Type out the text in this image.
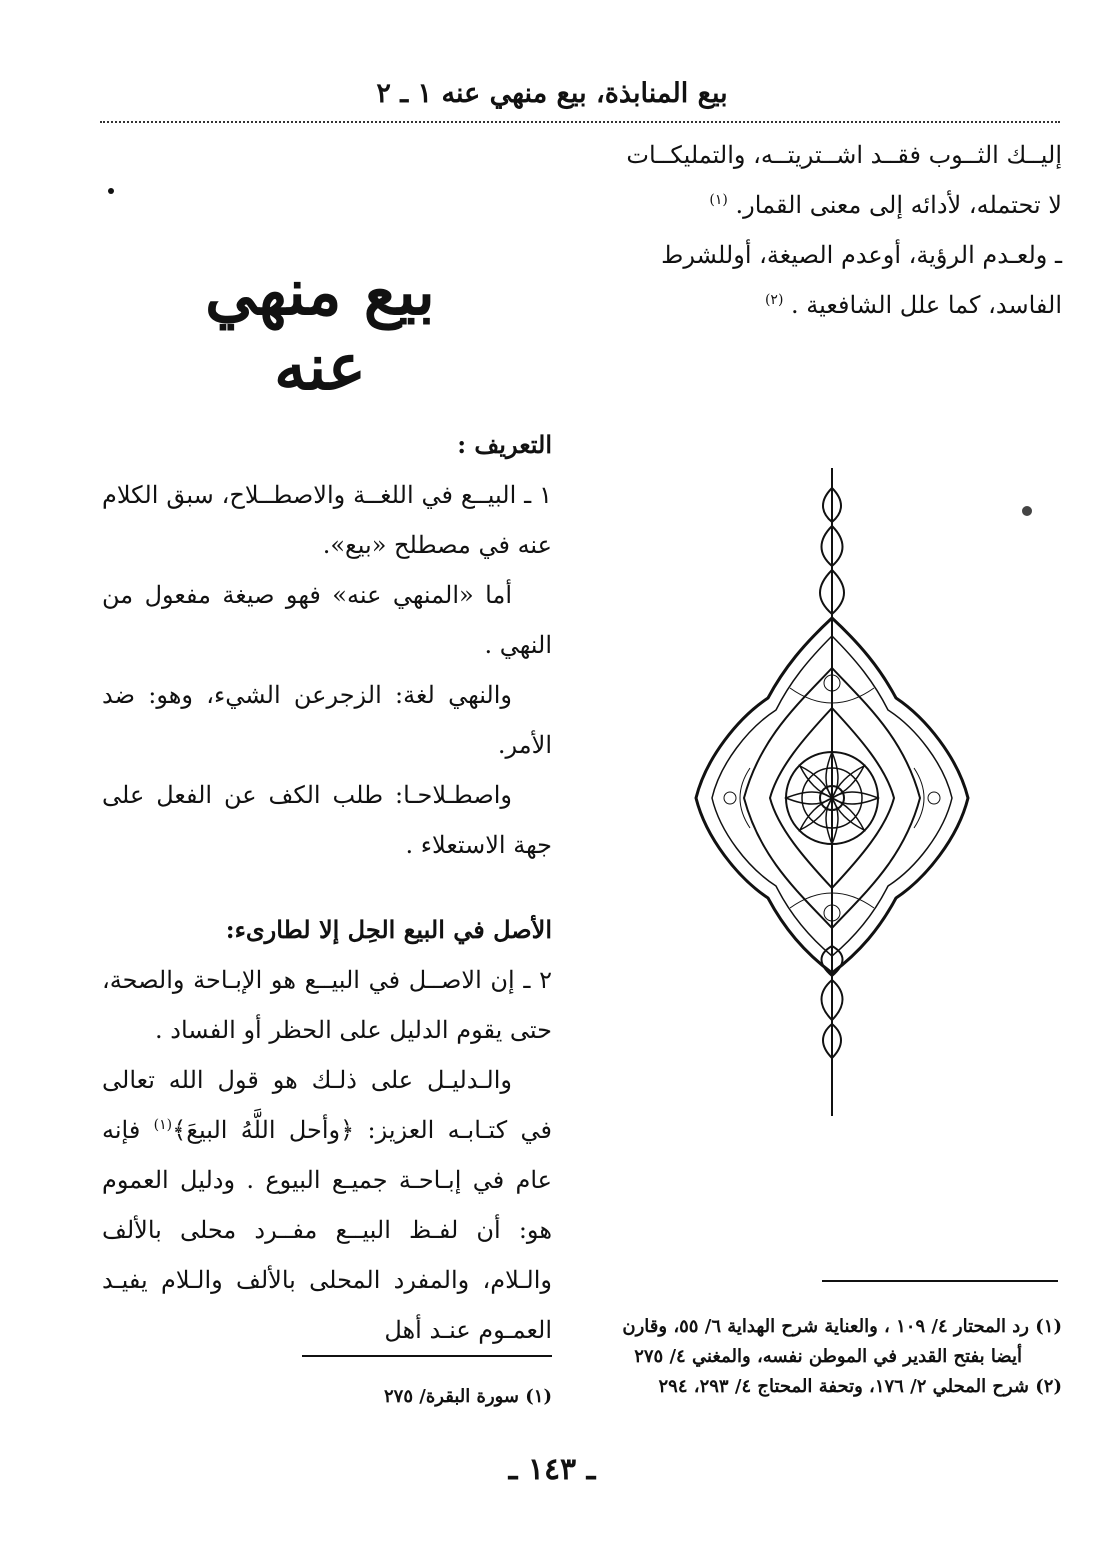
بيع المنابذة، بيع منهي عنه ١ ـ ٢

إليــك الثــوب فقــد اشــتريتــه، والتمليكــات

لا تحتمله، لأدائه إلى معنى القمار. $^{(١)}$

ـ ولعـدم الرؤية، أوعدم الصيغة، أوللشرط

الفاسد، كما علل الشافعية . $^{(٢)}$

بيع منهي عنه

التعريف :

١ ـ البيــع في اللغــة والاصطــلاح، سبق الكلام عنه في مصطلح «بيع».

أما «المنهي عنه» فهو صيغة مفعول من النهي .

والنهي لغة: الزجرعن الشيء، وهو: ضد الأمر.

واصطـلاحـا: طلب الكف عن الفعل على جهة الاستعلاء .

الأصل في البيع الحِل إلا لطارىء:

٢ ـ إن الاصــل في البيــع هو الإبـاحة والصحة، حتى يقوم الدليل على الحظر أو الفساد .

والـدليـل على ذلـك هو قول الله تعالى في كتـابـه العزيز: ﴿وأحل اللَّهُ البيعَ﴾$^{(١)}$ فإنه عام في إبـاحـة جميـع البيوع . ودليل العموم هو: أن لفـظ البيــع مفــرد محلى بالألف والـلام، والمفرد المحلى بالألف والـلام يفيـد العمـوم عنـد أهل	(١) رد المحتار ٤/ ١٠٩ ، والعناية شرح الهداية ٦/ ٥٥، وقارن

أيضا بفتح القدير في الموطن نفسه، والمغني ٤/ ٢٧٥

(٢) شرح المحلي ٢/ ١٧٦، وتحفة المحتاج ٤/ ٢٩٣، ٢٩٤

(١) سورة البقرة/ ٢٧٥
ـ ١٤٣ ـ
